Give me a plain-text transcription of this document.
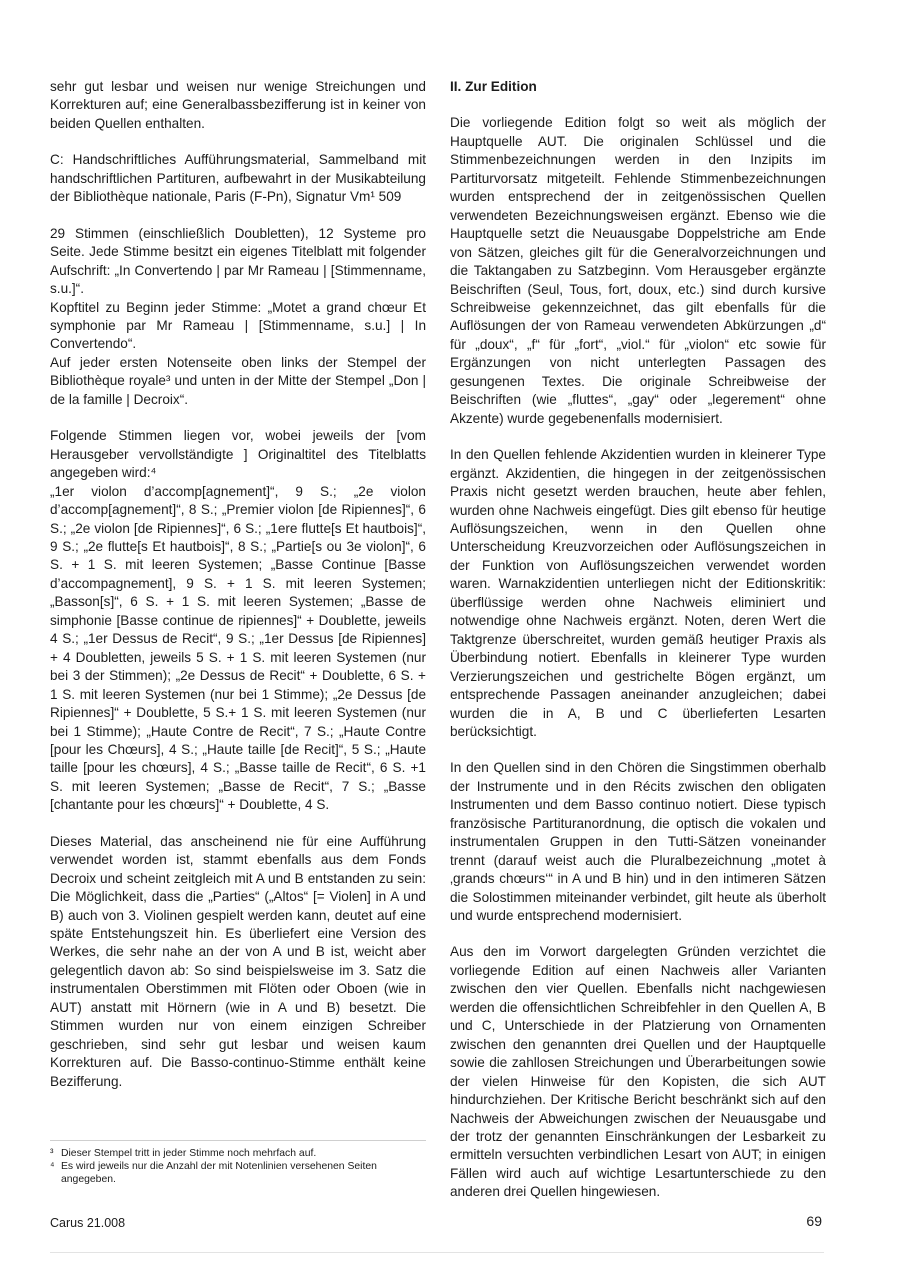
sehr gut lesbar und weisen nur wenige Streichungen und Korrekturen auf; eine Generalbassbezifferung ist in keiner von beiden Quellen enthalten.

C: Handschriftliches Aufführungsmaterial, Sammelband mit handschriftlichen Partituren, aufbewahrt in der Musikabteilung der Bibliothèque nationale, Paris (F-Pn), Signatur Vm¹ 509

29 Stimmen (einschließlich Doubletten), 12 Systeme pro Seite. Jede Stimme besitzt ein eigenes Titelblatt mit folgender Aufschrift: „In Convertendo | par Mr Rameau | [Stimmenname, s.u.]“.

Kopftitel zu Beginn jeder Stimme: „Motet a grand chœur Et symphonie par Mr Rameau | [Stimmenname, s.u.] | In Convertendo“.

Auf jeder ersten Notenseite oben links der Stempel der Bibliothèque royale³ und unten in der Mitte der Stempel „Don | de la famille | Decroix“.

Folgende Stimmen liegen vor, wobei jeweils der [vom Herausgeber vervollständigte ] Originaltitel des Titelblatts angegeben wird:⁴

„1er violon d’accomp[agnement]“, 9 S.; „2e violon d’accomp[agnement]“, 8 S.; „Premier violon [de Ripiennes]“, 6 S.; „2e violon [de Ripiennes]“, 6 S.; „1ere flutte[s Et hautbois]“, 9 S.; „2e flutte[s Et hautbois]“, 8 S.; „Partie[s ou 3e violon]“, 6 S. + 1 S. mit leeren Systemen; „Basse Continue [Basse d’accompagnement], 9 S. + 1 S. mit leeren Systemen; „Basson[s]“, 6 S. + 1 S. mit leeren Systemen; „Basse de simphonie [Basse continue de ripiennes]“ + Doublette, jeweils 4 S.; „1er Dessus de Recit“, 9 S.; „1er Dessus [de Ripiennes] + 4 Doubletten, jeweils 5 S. + 1 S. mit leeren Systemen (nur bei 3 der Stimmen); „2e Dessus de Recit“ + Doublette, 6 S. + 1 S. mit leeren Systemen (nur bei 1 Stimme); „2e Dessus [de Ripiennes]“ + Doublette, 5 S.+ 1 S. mit leeren Systemen (nur bei 1 Stimme); „Haute Contre de Recit“, 7 S.; „Haute Contre [pour les Chœurs], 4 S.; „Haute taille [de Recit]“, 5 S.; „Haute taille [pour les chœurs], 4 S.; „Basse taille de Recit“, 6 S. +1 S. mit leeren Systemen; „Basse de Recit“, 7 S.; „Basse [chantante pour les chœurs]“ + Doublette, 4 S.

Dieses Material, das anscheinend nie für eine Aufführung verwendet worden ist, stammt ebenfalls aus dem Fonds Decroix und scheint zeitgleich mit A und B entstanden zu sein: Die Möglichkeit, dass die „Parties“ („Altos“ [= Violen] in A und B) auch von 3. Violinen gespielt werden kann, deutet auf eine späte Entstehungszeit hin. Es überliefert eine Version des Werkes, die sehr nahe an der von A und B ist, weicht aber gelegentlich davon ab: So sind beispielsweise im 3. Satz die instrumentalen Oberstimmen mit Flöten oder Oboen (wie in AUT) anstatt mit Hörnern (wie in A und B) besetzt. Die Stimmen wurden nur von einem einzigen Schreiber geschrieben, sind sehr gut lesbar und weisen kaum Korrekturen auf. Die Basso-continuo-Stimme enthält keine Bezifferung.

II. Zur Edition

Die vorliegende Edition folgt so weit als möglich der Hauptquelle AUT. Die originalen Schlüssel und die Stimmenbezeichnungen werden in den Inzipits im Partiturvorsatz mitgeteilt. Fehlende Stimmenbezeichnungen wurden entsprechend der in zeitgenössischen Quellen verwendeten Bezeichnungsweisen ergänzt. Ebenso wie die Hauptquelle setzt die Neuausgabe Doppelstriche am Ende von Sätzen, gleiches gilt für die Generalvorzeichnungen und die Taktangaben zu Satzbeginn. Vom Herausgeber ergänzte Beischriften (Seul, Tous, fort, doux, etc.) sind durch kursive Schreibweise gekennzeichnet, das gilt ebenfalls für die Auflösungen der von Rameau verwendeten Abkürzungen „d“ für „doux“, „f“ für „fort“, „viol.“ für „violon“ etc sowie für Ergänzungen von nicht unterlegten Passagen des gesungenen Textes. Die originale Schreibweise der Beischriften (wie „fluttes“, „gay“ oder „legerement“ ohne Akzente) wurde gegebenenfalls modernisiert.

In den Quellen fehlende Akzidentien wurden in kleinerer Type ergänzt. Akzidentien, die hingegen in der zeitgenössischen Praxis nicht gesetzt werden brauchen, heute aber fehlen, wurden ohne Nachweis eingefügt. Dies gilt ebenso für heutige Auflösungszeichen, wenn in den Quellen ohne Unterscheidung Kreuzvorzeichen oder Auflösungszeichen in der Funktion von Auflösungszeichen verwendet worden waren. Warnakzidentien unterliegen nicht der Editionskritik: überflüssige werden ohne Nachweis eliminiert und notwendige ohne Nachweis ergänzt. Noten, deren Wert die Taktgrenze überschreitet, wurden gemäß heutiger Praxis als Überbindung notiert. Ebenfalls in kleinerer Type wurden Verzierungszeichen und gestrichelte Bögen ergänzt, um entsprechende Passagen aneinander anzugleichen; dabei wurden die in A, B und C überlieferten Lesarten berücksichtigt.

In den Quellen sind in den Chören die Singstimmen oberhalb der Instrumente und in den Récits zwischen den obligaten Instrumenten und dem Basso continuo notiert. Diese typisch französische Partituranordnung, die optisch die vokalen und instrumentalen Gruppen in den Tutti-Sätzen voneinander trennt (darauf weist auch die Pluralbezeichnung „motet à ‚grands chœurs‘“ in A und B hin) und in den intimeren Sätzen die Solostimmen miteinander verbindet, gilt heute als überholt und wurde entsprechend modernisiert.

Aus den im Vorwort dargelegten Gründen verzichtet die vorliegende Edition auf einen Nachweis aller Varianten zwischen den vier Quellen. Ebenfalls nicht nachgewiesen werden die offensichtlichen Schreibfehler in den Quellen A, B und C, Unterschiede in der Platzierung von Ornamenten zwischen den genannten drei Quellen und der Hauptquelle sowie die zahllosen Streichungen und Überarbeitungen sowie der vielen Hinweise für den Kopisten, die sich AUT hindurchziehen. Der Kritische Bericht beschränkt sich auf den Nachweis der Abweichungen zwischen der Neuausgabe und der trotz der genannten Einschränkungen der Lesbarkeit zu ermitteln versuchten verbindlichen Lesart von AUT; in einigen Fällen wird auch auf wichtige Lesartunterschiede zu den anderen drei Quellen hingewiesen.

³ Dieser Stempel tritt in jeder Stimme noch mehrfach auf.
⁴ Es wird jeweils nur die Anzahl der mit Notenlinien versehenen Seiten angegeben.
Carus 21.008	69
